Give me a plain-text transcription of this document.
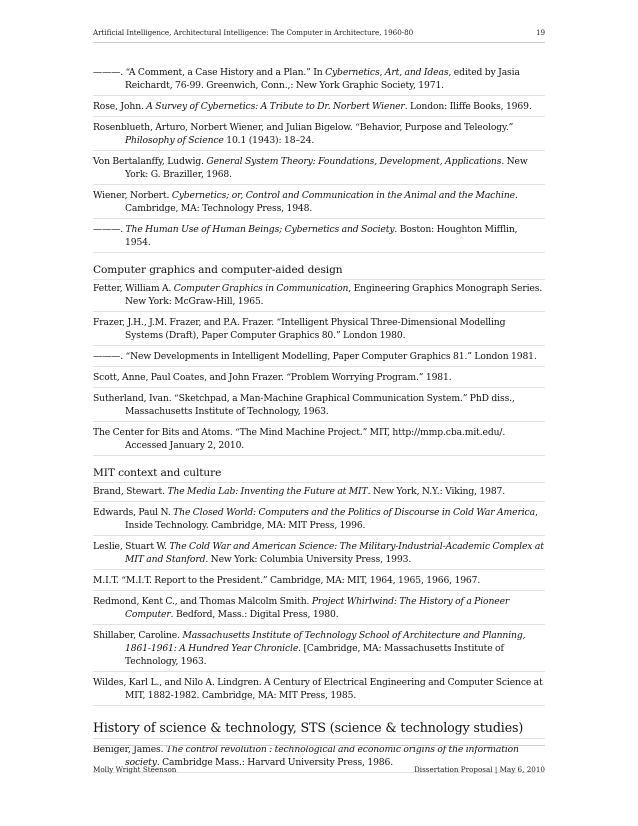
Artificial Intelligence, Architectural Intelligence: The Computer in Architecture, 1960-80	19

———. “A Comment, a Case History and a Plan.” In Cybernetics, Art, and Ideas, edited by Jasia Reichardt, 76-99. Greenwich, Conn.,: New York Graphic Society, 1971.

Rose, John. A Survey of Cybernetics: A Tribute to Dr. Norbert Wiener. London: Iliffe Books, 1969.

Rosenblueth, Arturo, Norbert Wiener, and Julian Bigelow. “Behavior, Purpose and Teleology.” Philosophy of Science 10.1 (1943): 18–24.

Von Bertalanffy, Ludwig. General System Theory: Foundations, Development, Applications. New York: G. Braziller, 1968.

Wiener, Norbert. Cybernetics; or, Control and Communication in the Animal and the Machine. Cambridge, MA: Technology Press, 1948.

———. The Human Use of Human Beings; Cybernetics and Society. Boston: Houghton Mifflin, 1954.

Computer graphics and computer-aided design

Fetter, William A. Computer Graphics in Communication, Engineering Graphics Monograph Series. New York: McGraw-Hill, 1965.

Frazer, J.H., J.M. Frazer, and P.A. Frazer. “Intelligent Physical Three-Dimensional Modelling Systems (Draft), Paper Computer Graphics 80.” London 1980.

———. “New Developments in Intelligent Modelling, Paper Computer Graphics 81.” London 1981.

Scott, Anne, Paul Coates, and John Frazer. “Problem Worrying Program.” 1981.

Sutherland, Ivan. “Sketchpad, a Man-Machine Graphical Communication System.” PhD diss., Massachusetts Institute of Technology, 1963.

The Center for Bits and Atoms. “The Mind Machine Project.” MIT, http://mmp.cba.mit.edu/. Accessed January 2, 2010.

MIT context and culture

Brand, Stewart. The Media Lab: Inventing the Future at MIT. New York, N.Y.: Viking, 1987.

Edwards, Paul N. The Closed World: Computers and the Politics of Discourse in Cold War America, Inside Technology. Cambridge, MA: MIT Press, 1996.

Leslie, Stuart W. The Cold War and American Science: The Military-Industrial-Academic Complex at MIT and Stanford. New York: Columbia University Press, 1993.

M.I.T. “M.I.T. Report to the President.” Cambridge, MA: MIT, 1964, 1965, 1966, 1967.

Redmond, Kent C., and Thomas Malcolm Smith. Project Whirlwind: The History of a Pioneer Computer. Bedford, Mass.: Digital Press, 1980.

Shillaber, Caroline. Massachusetts Institute of Technology School of Architecture and Planning, 1861-1961: A Hundred Year Chronicle. [Cambridge, MA: Massachusetts Institute of Technology, 1963.

Wildes, Karl L., and Nilo A. Lindgren. A Century of Electrical Engineering and Computer Science at MIT, 1882-1982. Cambridge, MA: MIT Press, 1985.

History of science & technology, STS (science & technology studies)

Beniger, James. The control revolution : technological and economic origins of the information society. Cambridge Mass.: Harvard University Press, 1986.

Molly Wright Steenson	Dissertation Proposal | May 6, 2010
